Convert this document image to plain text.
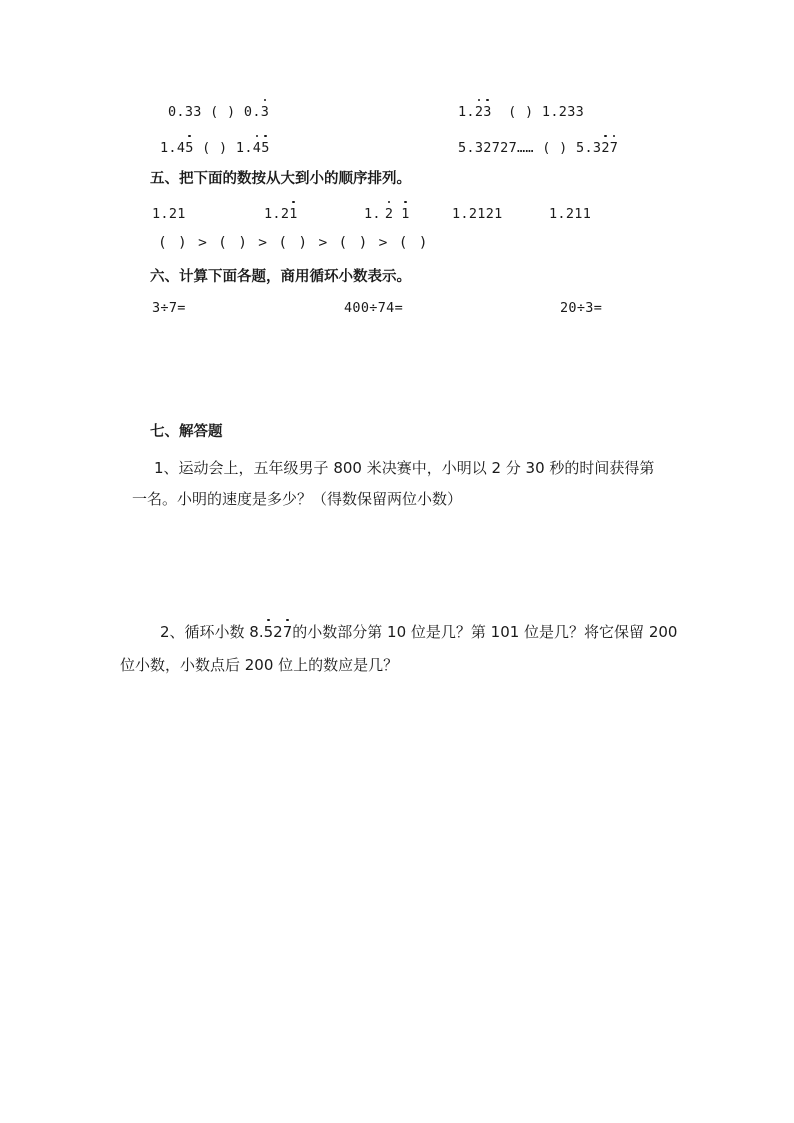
0.33 ( ) 0.3	1.23 ( ) 1.233
1.45 ( ) 1.45	5.32727…… ( ) 5.327
五、把下面的数按从大到小的顺序排列。
1.21	1.21	1. 2 1	1.2121	1.211
( ) > ( ) > ( ) > ( ) > ( )
六、计算下面各题，商用循环小数表示。
3÷7=	400÷74=	20÷3=
七、解答题
1、运动会上，五年级男子 800 米决赛中，小明以 2 分 30 秒的时间获得第
一名。小明的速度是多少？（得数保留两位小数）
2、循环小数 8.527的小数部分第 10 位是几？第 101 位是几？将它保留 200
位小数，小数点后 200 位上的数应是几？
